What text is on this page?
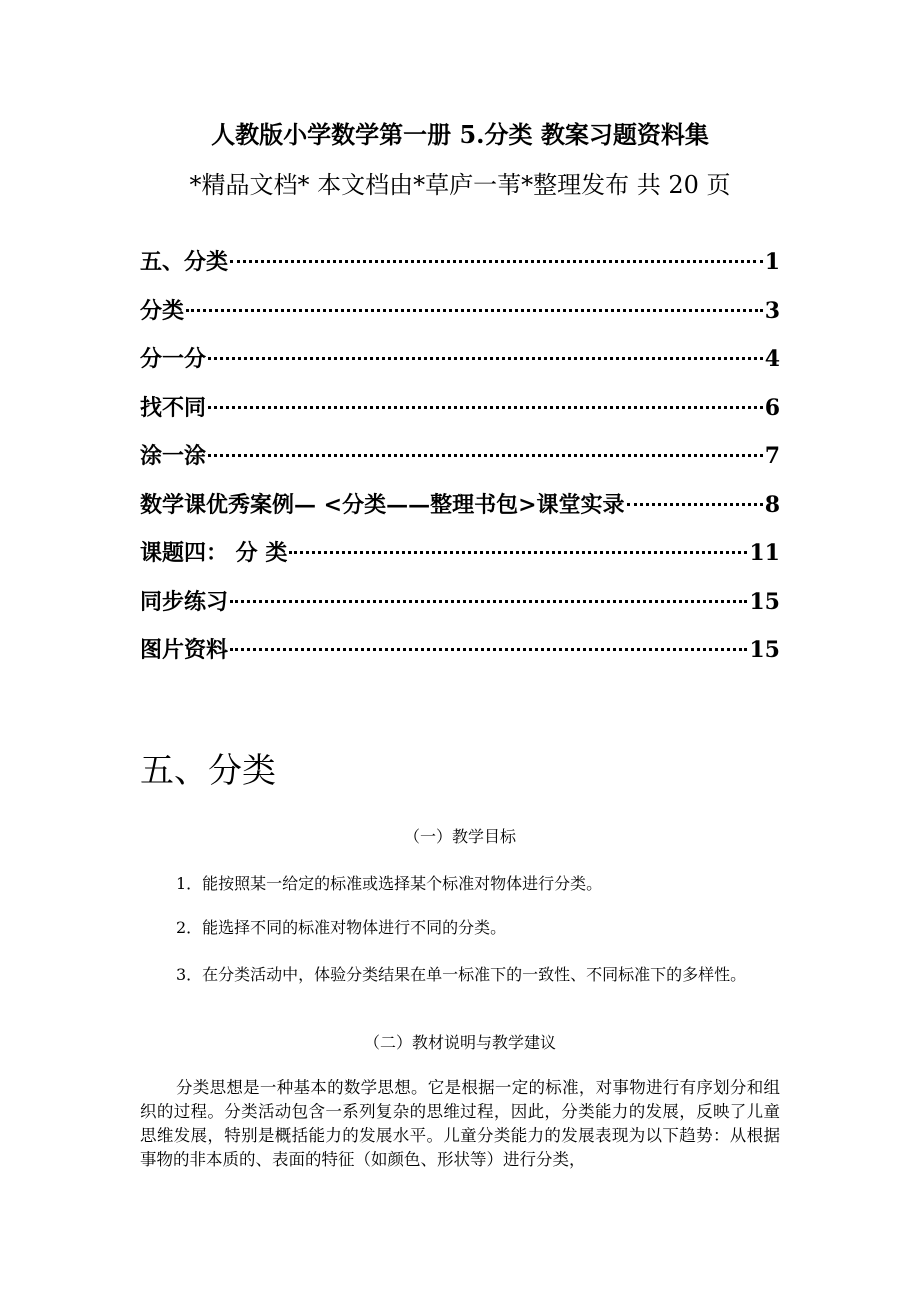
人教版小学数学第一册 5.分类 教案习题资料集
*精品文档* 本文档由*草庐一苇*整理发布 共 20 页
五、分类	1
分类	3
分一分	4
找不同	6
涂一涂	7
数学课优秀案例— <分类——整理书包>课堂实录	8
课题四： 分 类	11
同步练习	15
图片资料	15
五、分类
（一）教学目标
1．能按照某一给定的标准或选择某个标准对物体进行分类。
2．能选择不同的标准对物体进行不同的分类。
3．在分类活动中，体验分类结果在单一标准下的一致性、不同标准下的多样性。
（二）教材说明与教学建议
分类思想是一种基本的数学思想。它是根据一定的标准，对事物进行有序划分和组织的过程。分类活动包含一系列复杂的思维过程，因此，分类能力的发展，反映了儿童思维发展，特别是概括能力的发展水平。儿童分类能力的发展表现为以下趋势：从根据事物的非本质的、表面的特征（如颜色、形状等）进行分类，
